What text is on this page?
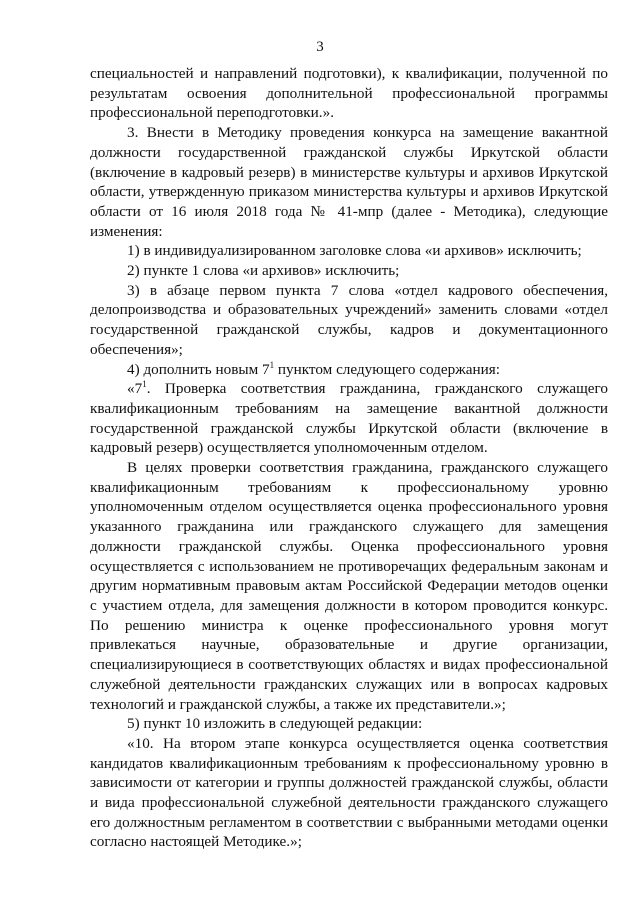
3

специальностей и направлений подготовки), к квалификации, полученной по результатам освоения дополнительной профессиональной программы профессиональной переподготовки.».

3. Внести в Методику проведения конкурса на замещение вакантной должности государственной гражданской службы Иркутской области (включение в кадровый резерв) в министерстве культуры и архивов Иркутской области, утвержденную приказом министерства культуры и архивов Иркутской области от 16 июля 2018 года № 41-мпр (далее - Методика), следующие изменения:

1) в индивидуализированном заголовке слова «и архивов» исключить;

2) пункте 1 слова «и архивов» исключить;

3) в абзаце первом пункта 7 слова «отдел кадрового обеспечения, делопроизводства и образовательных учреждений» заменить словами «отдел государственной гражданской службы, кадров и документационного обеспечения»;

4) дополнить новым $7^1$ пунктом следующего содержания:

«$7^1$. Проверка соответствия гражданина, гражданского служащего квалификационным требованиям на замещение вакантной должности государственной гражданской службы Иркутской области (включение в кадровый резерв) осуществляется уполномоченным отделом.

В целях проверки соответствия гражданина, гражданского служащего квалификационным требованиям к профессиональному уровню уполномоченным отделом осуществляется оценка профессионального уровня указанного гражданина или гражданского служащего для замещения должности гражданской службы. Оценка профессионального уровня осуществляется с использованием не противоречащих федеральным законам и другим нормативным правовым актам Российской Федерации методов оценки с участием отдела, для замещения должности в котором проводится конкурс. По решению министра к оценке профессионального уровня могут привлекаться научные, образовательные и другие организации, специализирующиеся в соответствующих областях и видах профессиональной служебной деятельности гражданских служащих или в вопросах кадровых технологий и гражданской службы, а также их представители.»;

5) пункт 10 изложить в следующей редакции:

«10. На втором этапе конкурса осуществляется оценка соответствия кандидатов квалификационным требованиям к профессиональному уровню в зависимости от категории и группы должностей гражданской службы, области и вида профессиональной служебной деятельности гражданского служащего его должностным регламентом в соответствии с выбранными методами оценки согласно настоящей Методике.»;
